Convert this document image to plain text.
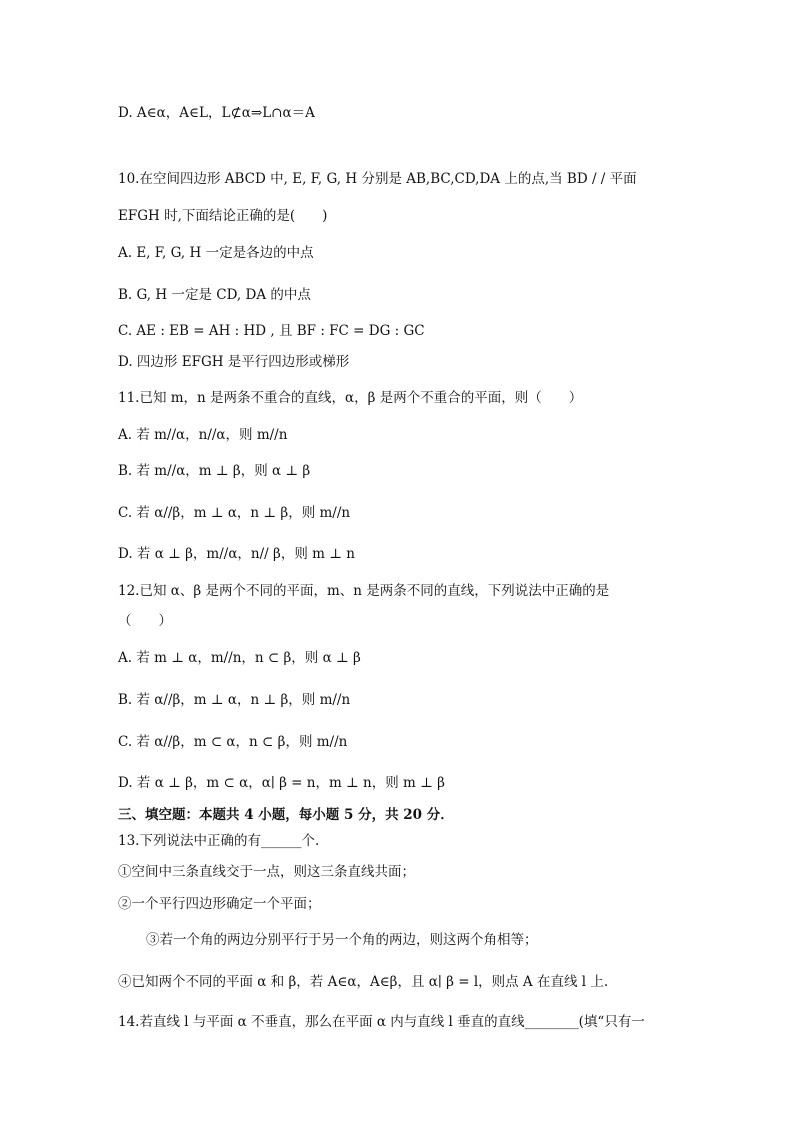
D. A∈α，A∈L，L⊄α⇒L∩α＝A
10.在空间四边形 ABCD 中, E, F, G, H 分别是 AB,BC,CD,DA 上的点,当 BD / / 平面
EFGH 时,下面结论正确的是(　　)
A. E, F, G, H 一定是各边的中点
B. G, H 一定是 CD, DA 的中点
C. AE : EB = AH : HD , 且 BF : FC = DG : GC
D. 四边形 EFGH 是平行四边形或梯形
11.已知 m，n 是两条不重合的直线，α，β 是两个不重合的平面，则（　　）
A. 若 m//α，n//α，则 m//n
B. 若 m//α，m ⊥ β，则 α ⊥ β
C. 若 α//β，m ⊥ α，n ⊥ β，则 m//n
D. 若 α ⊥ β，m//α，n// β，则 m ⊥ n
12.已知 α、β 是两个不同的平面，m、n 是两条不同的直线，下列说法中正确的是
（　　）
A. 若 m ⊥ α，m//n，n ⊂ β，则 α ⊥ β
B. 若 α//β，m ⊥ α，n ⊥ β，则 m//n
C. 若 α//β，m ⊂ α，n ⊂ β，则 m//n
D. 若 α ⊥ β，m ⊂ α，α∣ β = n，m ⊥ n，则 m ⊥ β
三、填空题：本题共 4 小题，每小题 5 分，共 20 分．
13.下列说法中正确的有______个.
①空间中三条直线交于一点，则这三条直线共面；
②一个平行四边形确定一个平面；
③若一个角的两边分别平行于另一个角的两边，则这两个角相等；
④已知两个不同的平面 α 和 β，若 A∈α，A∈β，且 α∣ β = l，则点 A 在直线 l 上.
14.若直线 l 与平面 α 不垂直，那么在平面 α 内与直线 l 垂直的直线________(填“只有一
